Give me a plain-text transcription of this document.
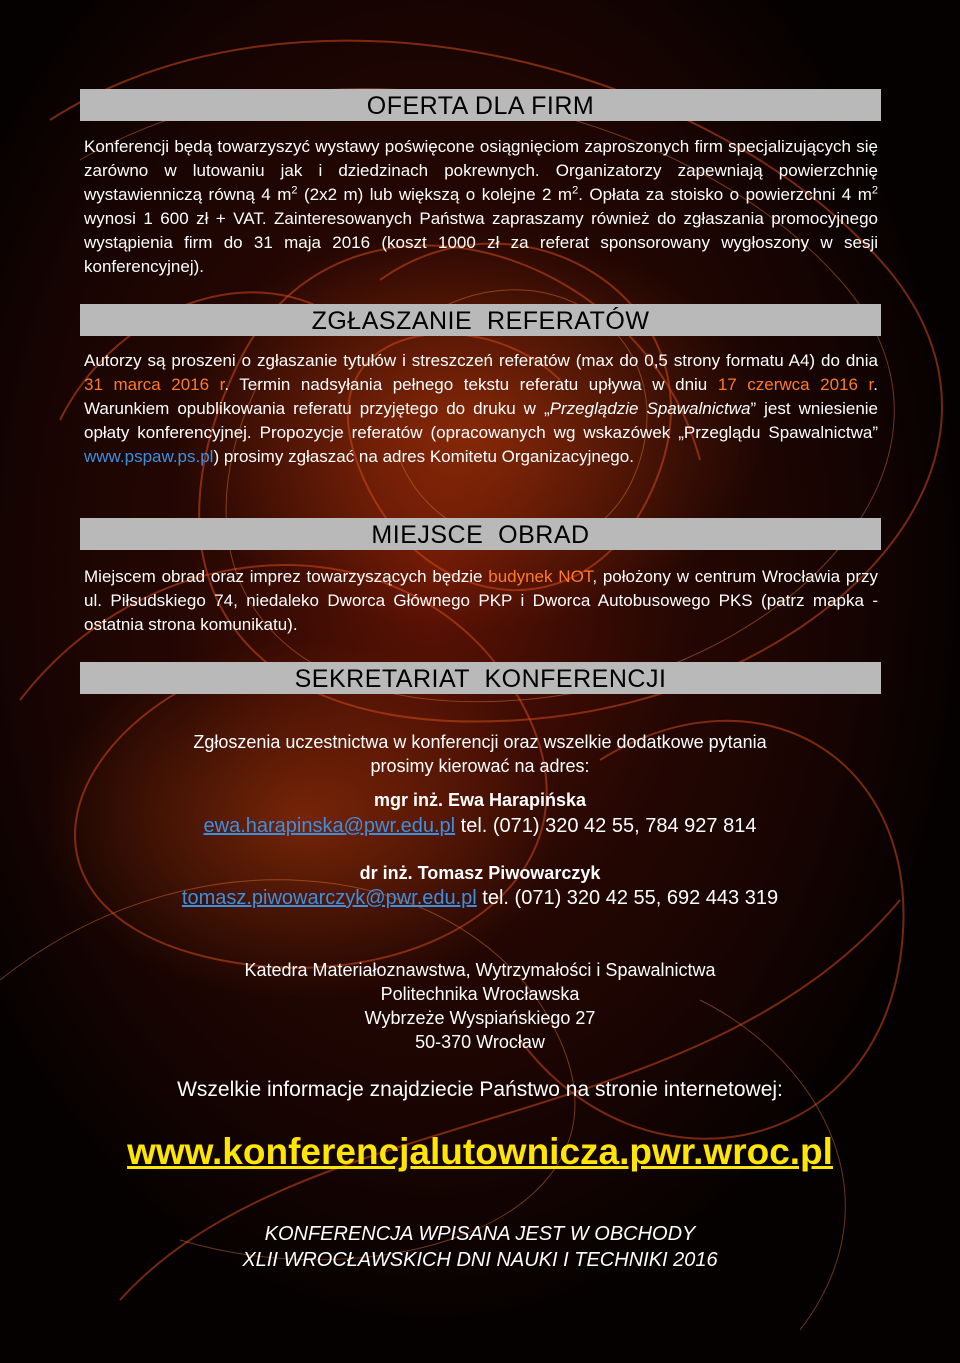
OFERTA DLA FIRM
Konferencji będą towarzyszyć wystawy poświęcone osiągnięciom zaproszonych firm specjalizujących się zarówno w lutowaniu jak i dziedzinach pokrewnych. Organizatorzy zapewniają powierzchnię wystawienniczą równą 4 $m^2$ (2x2 m) lub większą o kolejne 2 $m^2$. Opłata za stoisko o powierzchni 4 $m^2$ wynosi 1 600 zł + VAT. Zainteresowanych Państwa zapraszamy również do zgłaszania promocyjnego wystąpienia firm do 31 maja 2016 (koszt 1000 zł za referat sponsorowany wygłoszony w sesji konferencyjnej).
ZGŁASZANIE  REFERATÓW
Autorzy są proszeni o zgłaszanie tytułów i streszczeń referatów (max do 0,5 strony formatu A4) do dnia 31 marca 2016 r. Termin nadsyłania pełnego tekstu referatu upływa w dniu 17 czerwca 2016 r. Warunkiem opublikowania referatu przyjętego do druku w „Przeglądzie Spawalnictwa” jest wniesienie opłaty konferencyjnej. Propozycje referatów (opracowanych wg wskazówek „Przeglądu Spawalnictwa” www.pspaw.ps.pl) prosimy zgłaszać na adres Komitetu Organizacyjnego.
MIEJSCE  OBRAD
Miejscem obrad oraz imprez towarzyszących będzie budynek NOT, położony w centrum Wrocławia przy ul. Piłsudskiego 74, niedaleko Dworca Głównego PKP i Dworca Autobusowego PKS (patrz mapka - ostatnia strona komunikatu).
SEKRETARIAT  KONFERENCJI
Zgłoszenia uczestnictwa w konferencji oraz wszelkie dodatkowe pytania
prosimy kierować na adres:
mgr inż. Ewa Harapińska
ewa.harapinska@pwr.edu.pl tel. (071) 320 42 55, 784 927 814
dr inż. Tomasz Piwowarczyk
tomasz.piwowarczyk@pwr.edu.pl tel. (071) 320 42 55, 692 443 319
Katedra Materiałoznawstwa, Wytrzymałości i Spawalnictwa
Politechnika Wrocławska
Wybrzeże Wyspiańskiego 27
50-370 Wrocław
Wszelkie informacje znajdziecie Państwo na stronie internetowej:
www.konferencjalutownicza.pwr.wroc.pl
KONFERENCJA WPISANA JEST W OBCHODY
XLII WROCŁAWSKICH DNI NAUKI I TECHNIKI 2016
